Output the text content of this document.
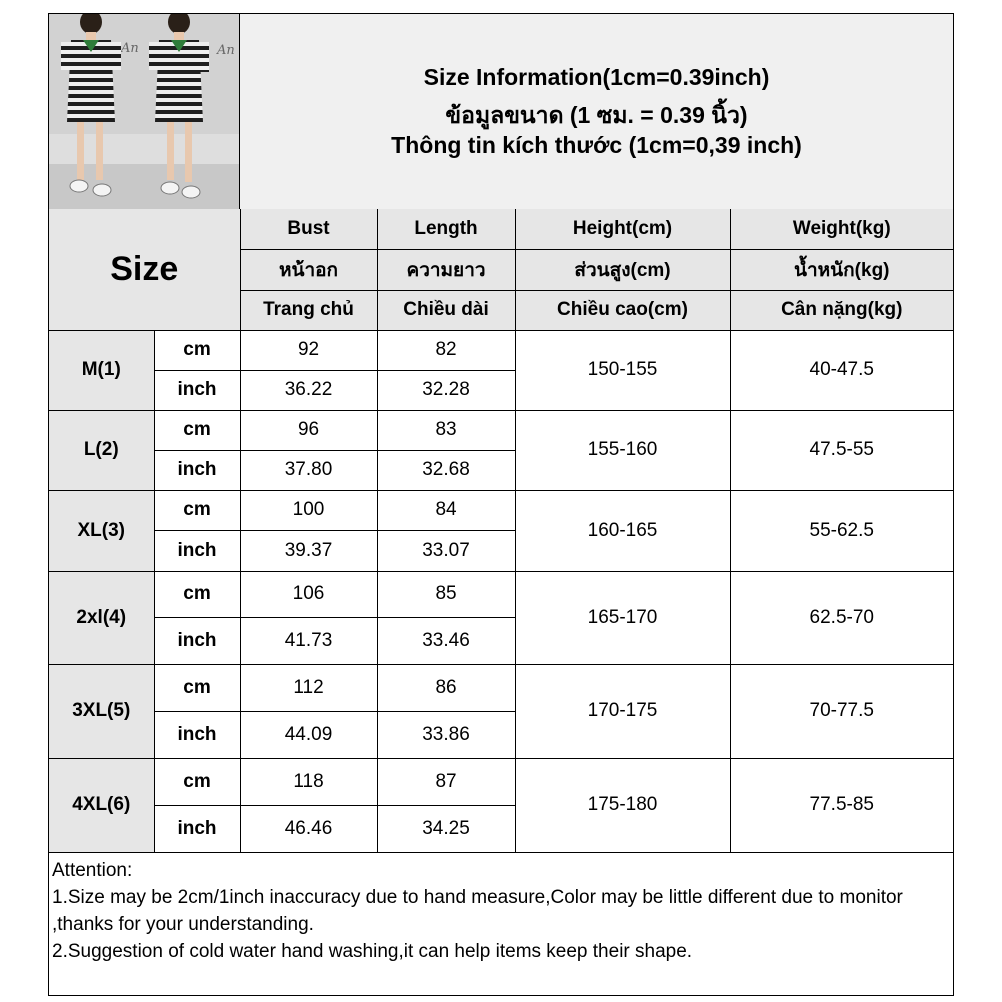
An	An
Size Information(1cm=0.39inch)
ข้อมูลขนาด (1 ซม. = 0.39 นิ้ว)
Thông tin kích thước (1cm=0,39 inch)
Size		Bust	Length	Height(cm)	Weight(kg)
		หน้าอก	ความยาว	ส่วนสูง(cm)	น้ำหนัก(kg)
		Trang chủ	Chiều dài	Chiều cao(cm)	Cân nặng(kg)
M(1)	cm	92	82	150-155	40-47.5
	inch	36.22	32.28		
L(2)	cm	96	83	155-160	47.5-55
	inch	37.80	32.68		
XL(3)	cm	100	84	160-165	55-62.5
	inch	39.37	33.07		
2xl(4)	cm	106	85	165-170	62.5-70
	inch	41.73	33.46		
3XL(5)	cm	112	86	170-175	70-77.5
	inch	44.09	33.86		
4XL(6)	cm	118	87	175-180	77.5-85
	inch	46.46	34.25		
Attention:
1.Size may be 2cm/1inch inaccuracy due to hand measure,Color may be little different due to monitor ,thanks for your understanding.
2.Suggestion of cold water hand washing,it can help items keep their shape.
